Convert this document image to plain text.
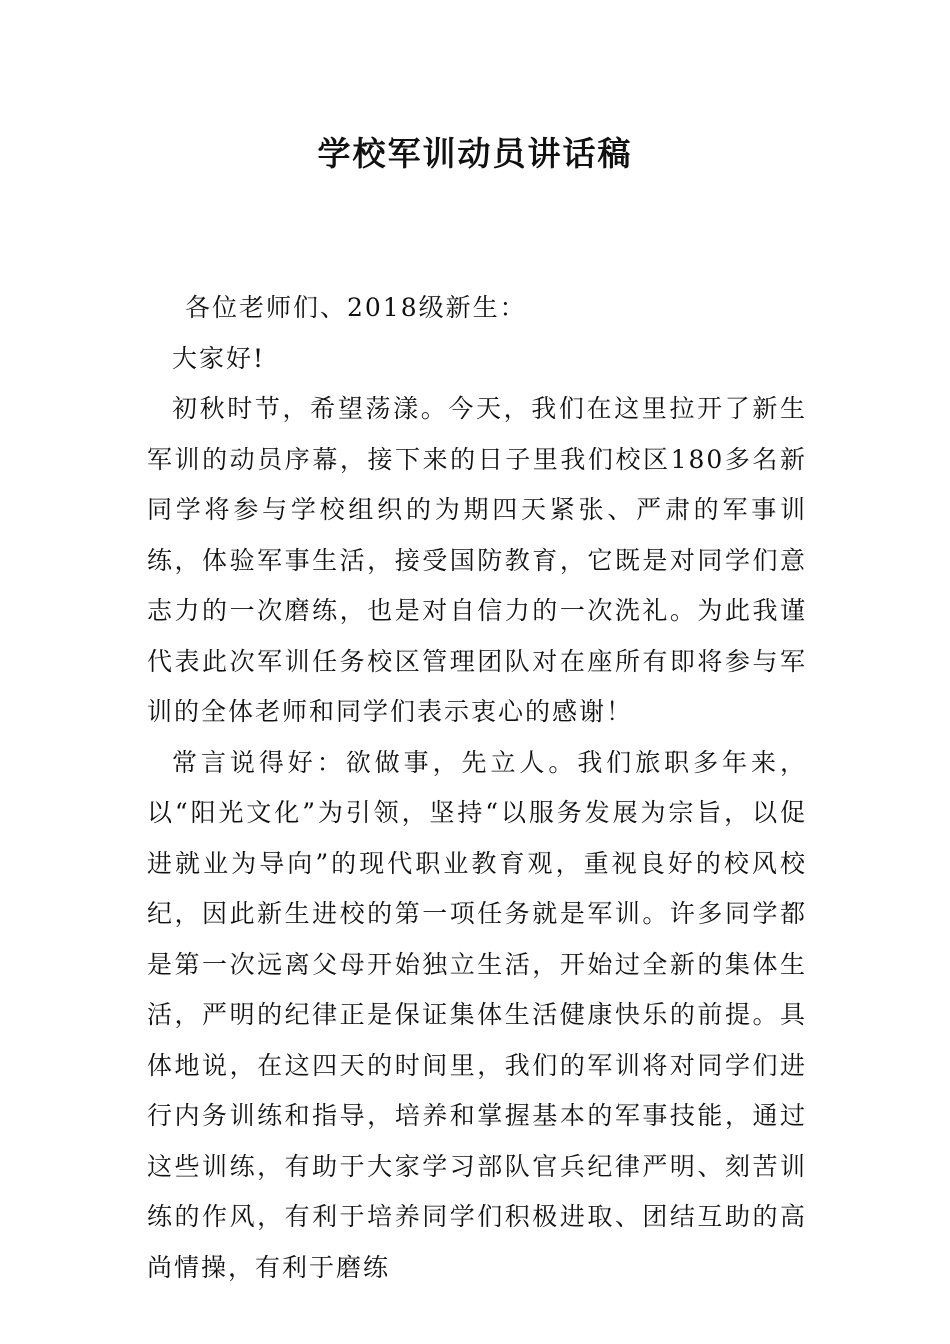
学校军训动员讲话稿

各位老师们、2018级新生：

大家好!

初秋时节，希望荡漾。今天，我们在这里拉开了新生军训的动员序幕，接下来的日子里我们校区180多名新同学将参与学校组织的为期四天紧张、严肃的军事训练，体验军事生活，接受国防教育，它既是对同学们意志力的一次磨练，也是对自信力的一次洗礼。为此我谨代表此次军训任务校区管理团队对在座所有即将参与军训的全体老师和同学们表示衷心的感谢！

常言说得好：欲做事，先立人。我们旅职多年来，以“阳光文化”为引领，坚持“以服务发展为宗旨，以促进就业为导向”的现代职业教育观，重视良好的校风校纪，因此新生进校的第一项任务就是军训。许多同学都是第一次远离父母开始独立生活，开始过全新的集体生活，严明的纪律正是保证集体生活健康快乐的前提。具体地说，在这四天的时间里，我们的军训将对同学们进行内务训练和指导，培养和掌握基本的军事技能，通过这些训练，有助于大家学习部队官兵纪律严明、刻苦训练的作风，有利于培养同学们积极进取、团结互助的高尚情操，有利于磨练
